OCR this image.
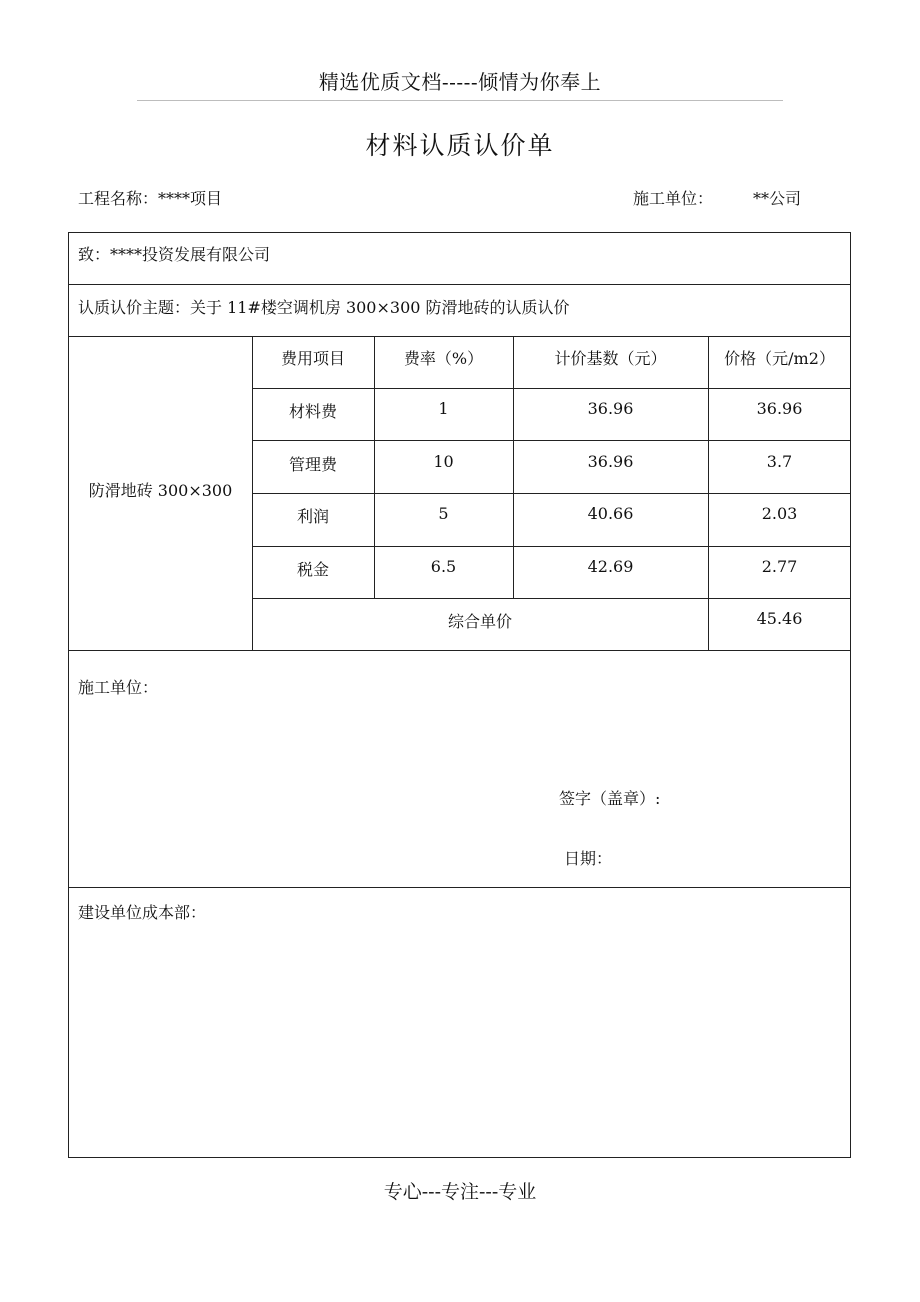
精选优质文档-----倾情为你奉上
材料认质认价单
工程名称：****项目	施工单位： **公司
致：****投资发展有限公司
认质认价主题：关于 11#楼空调机房 300×300 防滑地砖的认质认价
防滑地砖 300×300
费用项目	费率（%）	计价基数（元）	价格（元/m2）
材料费	1	36.96	36.96
管理费	10	36.96	3.7
利润	5	40.66	2.03
税金	6.5	42.69	2.77
综合单价	45.46
施工单位：
签字（盖章）:
日期：
建设单位成本部：
专心---专注---专业
